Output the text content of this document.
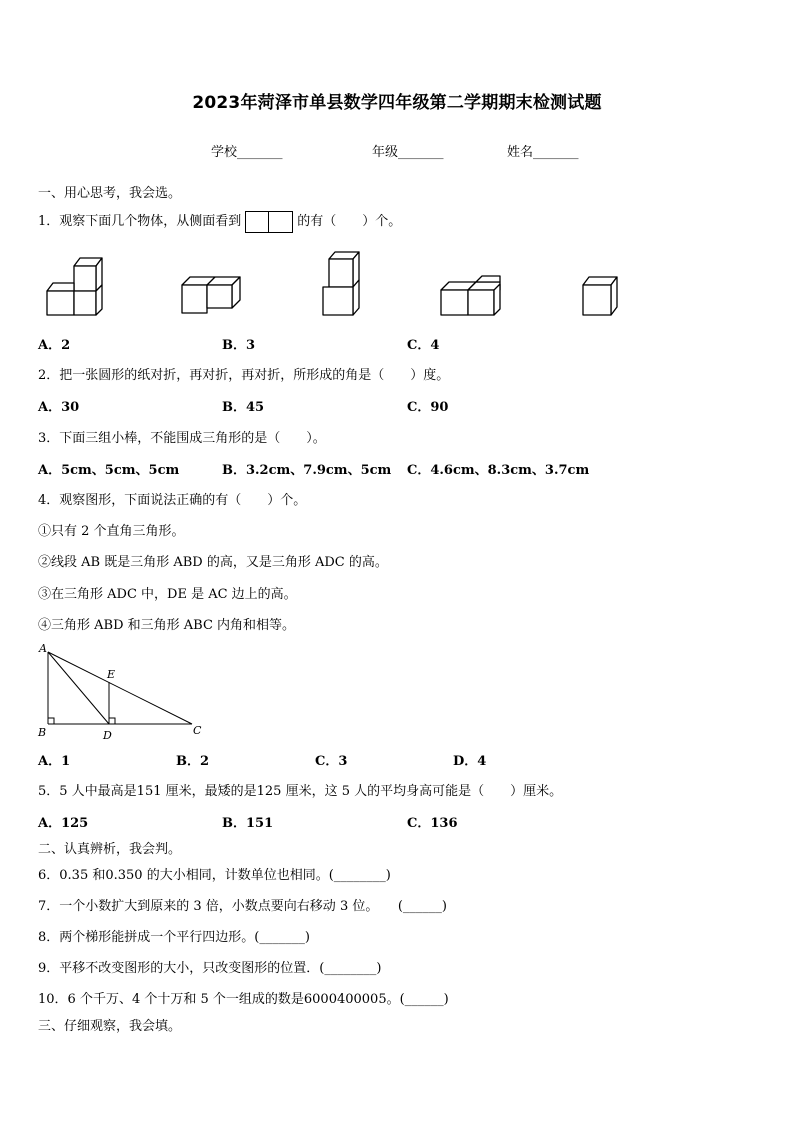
2023年菏泽市单县数学四年级第二学期期末检测试题
学校_______	年级_______	姓名_______
一、用心思考，我会选。
1．观察下面几个物体，从侧面看到	的有（　　）个。
A．2	B．3	C．4
2．把一张圆形的纸对折，再对折，再对折，所形成的角是（　　）度。
A．30	B．45	C．90
3．下面三组小棒，不能围成三角形的是（　　）。
A．5cm、5cm、5cm	B．3.2cm、7.9cm、5cm C．4.6cm、8.3cm、3.7cm
4．观察图形，下面说法正确的有（　　）个。
①只有 2 个直角三角形。
②线段 AB 既是三角形 ABD 的高，又是三角形 ADC 的高。
③在三角形 ADC 中，DE 是 AC 边上的高。
④三角形 ABD 和三角形 ABC 内角和相等。
A
B	C
D
E
A．1	B．2	C．3	D．4
5．5 人中最高是151 厘米，最矮的是125 厘米，这 5 人的平均身高可能是（　　）厘米。
A．125	B．151	C．136
二、认真辨析，我会判。
6．0.35 和0.350 的大小相同，计数单位也相同。(________)
7．一个小数扩大到原来的 3 倍，小数点要向右移动 3 位。　　(______)
8．两个梯形能拼成一个平行四边形。(_______)
9．平移不改变图形的大小，只改变图形的位置．(________)
10．6 个千万、4 个十万和 5 个一组成的数是6000400005。(______)
三、仔细观察，我会填。
